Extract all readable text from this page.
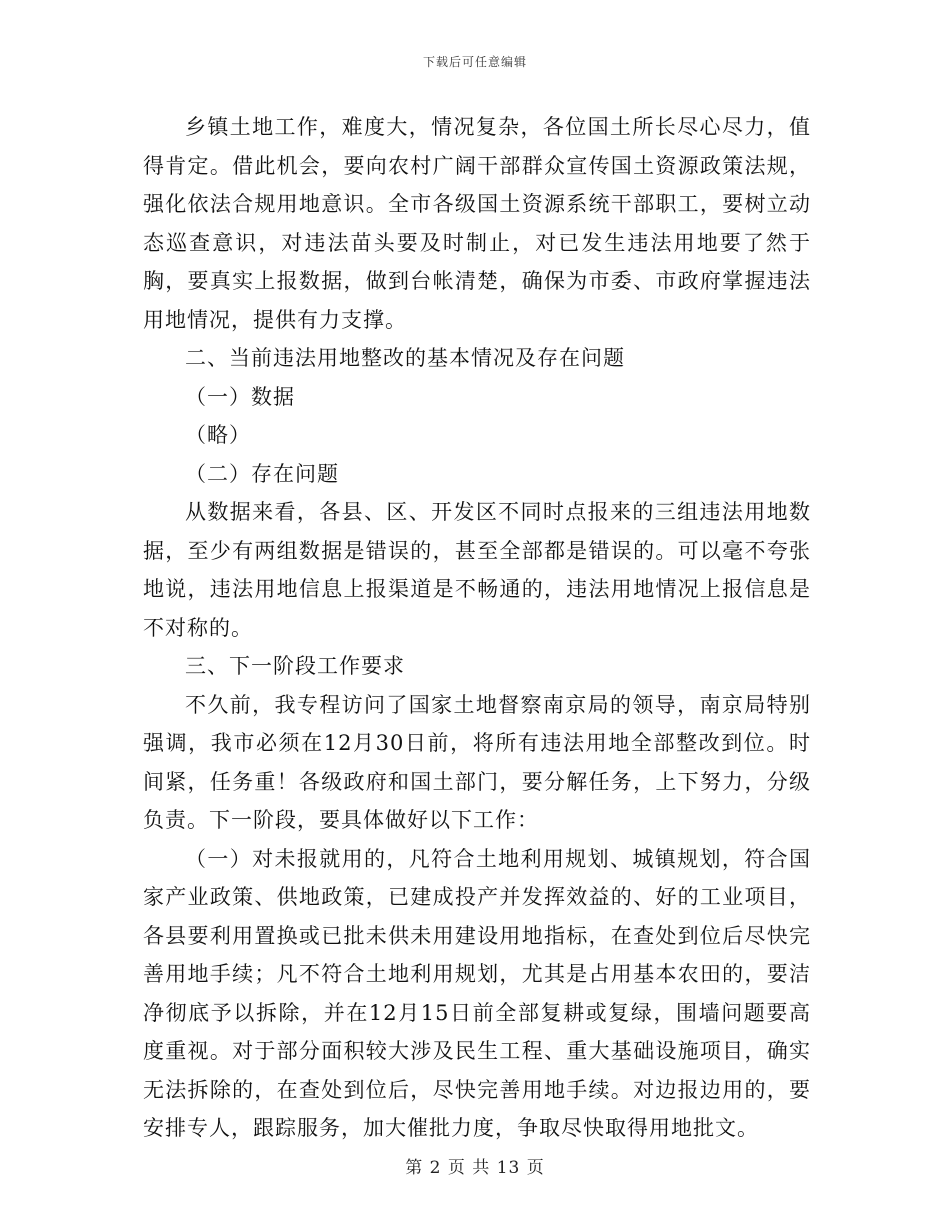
下载后可任意编辑

乡镇土地工作，难度大，情况复杂，各位国土所长尽心尽力，值得肯定。借此机会，要向农村广阔干部群众宣传国土资源政策法规，强化依法合规用地意识。全市各级国土资源系统干部职工，要树立动态巡查意识，对违法苗头要及时制止，对已发生违法用地要了然于胸，要真实上报数据，做到台帐清楚，确保为市委、市政府掌握违法用地情况，提供有力支撑。

二、当前违法用地整改的基本情况及存在问题

（一）数据

（略）

（二）存在问题

从数据来看，各县、区、开发区不同时点报来的三组违法用地数据，至少有两组数据是错误的，甚至全部都是错误的。可以毫不夸张地说，违法用地信息上报渠道是不畅通的，违法用地情况上报信息是不对称的。

三、下一阶段工作要求

不久前，我专程访问了国家土地督察南京局的领导，南京局特别强调，我市必须在12月30日前，将所有违法用地全部整改到位。时间紧，任务重！各级政府和国土部门，要分解任务，上下努力，分级负责。下一阶段，要具体做好以下工作：

（一）对未报就用的，凡符合土地利用规划、城镇规划，符合国家产业政策、供地政策，已建成投产并发挥效益的、好的工业项目，各县要利用置换或已批未供未用建设用地指标，在查处到位后尽快完善用地手续；凡不符合土地利用规划，尤其是占用基本农田的，要洁净彻底予以拆除，并在12月15日前全部复耕或复绿，围墙问题要高度重视。对于部分面积较大涉及民生工程、重大基础设施项目，确实无法拆除的，在查处到位后，尽快完善用地手续。对边报边用的，要安排专人，跟踪服务，加大催批力度，争取尽快取得用地批文。

第 2 页 共 13 页
